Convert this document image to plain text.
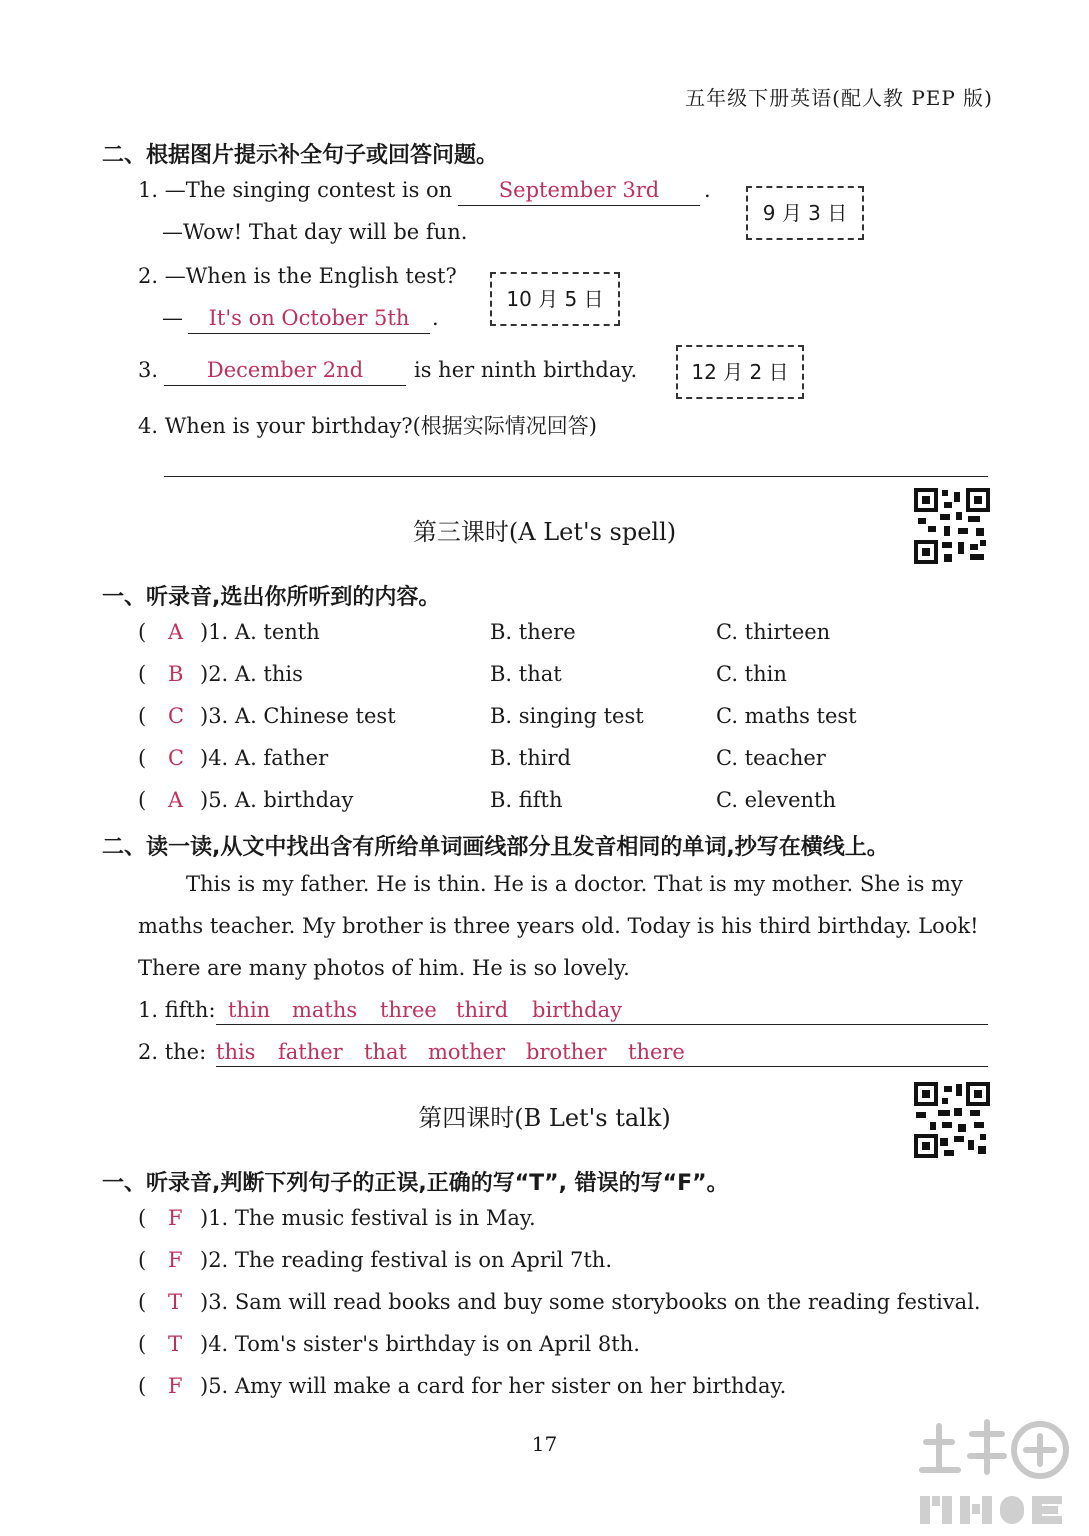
五年级下册英语(配人教 PEP 版)
二、根据图片提示补全句子或回答问题。
1. —The singing contest is on	September 3rd	.
—Wow! That day will be fun.
9 月 3 日
2. —When is the English test?
—	It's on October 5th	.
10 月 5 日
3.	December 2nd	is her ninth birthday.	12 月 2 日
4. When is your birthday?(根据实际情况回答)
第三课时(A Let's spell)
一、听录音,选出你所听到的内容。
( A )1. A. tenth	B. there	C. thirteen
( B )2. A. this	B. that	C. thin
( C )3. A. Chinese test	B. singing test	C. maths test
( C )4. A. father	B. third	C. teacher
( A )5. A. birthday	B. fifth	C. eleventh
二、读一读,从文中找出含有所给单词画线部分且发音相同的单词,抄写在横线上。
This is my father. He is thin. He is a doctor. That is my mother. She is my
maths teacher. My brother is three years old. Today is his third birthday. Look!
There are many photos of him. He is so lovely.
1. fifth: thin maths three third birthday
2. the: this father that mother brother there
第四课时(B Let's talk)
一、听录音,判断下列句子的正误,正确的写“T”, 错误的写“F”。
( F )1. The music festival is in May.
( F )2. The reading festival is on April 7th.
( T )3. Sam will read books and buy some storybooks on the reading festival.
( T )4. Tom's sister's birthday is on April 8th.
( F )5. Amy will make a card for her sister on her birthday.
17
